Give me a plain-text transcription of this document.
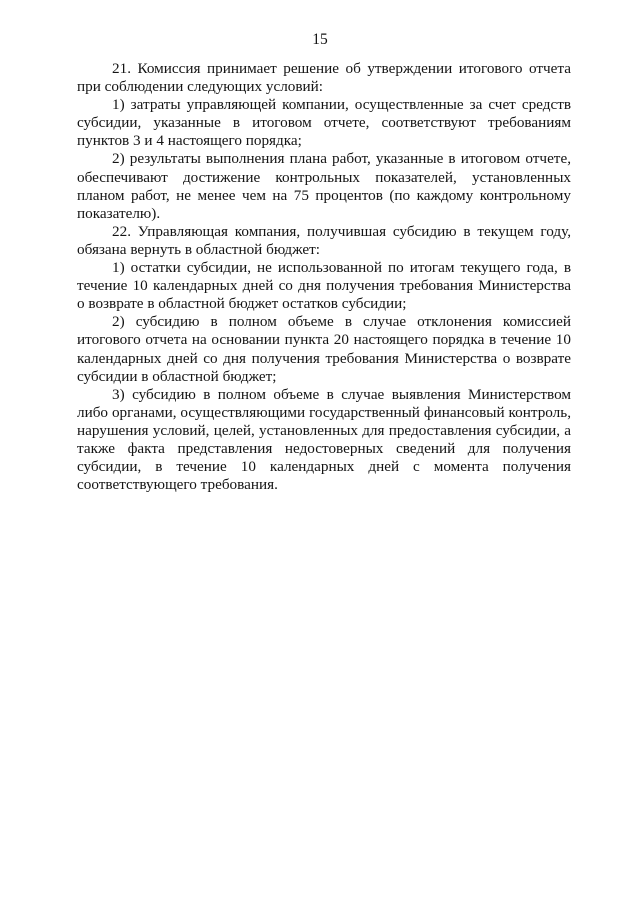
15

21. Комиссия принимает решение об утверждении итогового отчета при соблюдении следующих условий:

1) затраты управляющей компании, осуществленные за счет средств субсидии, указанные в итоговом отчете, соответствуют требованиям пунктов 3 и 4 настоящего порядка;

2) результаты выполнения плана работ, указанные в итоговом отчете, обеспечивают достижение контрольных показателей, установленных планом работ, не менее чем на 75 процентов (по каждому контрольному показателю).

22. Управляющая компания, получившая субсидию в текущем году, обязана вернуть в областной бюджет:

1) остатки субсидии, не использованной по итогам текущего года, в течение 10 календарных дней со дня получения требования Министерства о возврате в областной бюджет остатков субсидии;

2) субсидию в полном объеме в случае отклонения комиссией итогового отчета на основании пункта 20 настоящего порядка в течение 10 календарных дней со дня получения требования Министерства о возврате субсидии в областной бюджет;

3) субсидию в полном объеме в случае выявления Министерством либо органами, осуществляющими государственный финансовый контроль, нарушения условий, целей, установленных для предоставления субсидии, а также факта представления недостоверных сведений для получения субсидии, в течение 10 календарных дней с момента получения соответствующего требования.
